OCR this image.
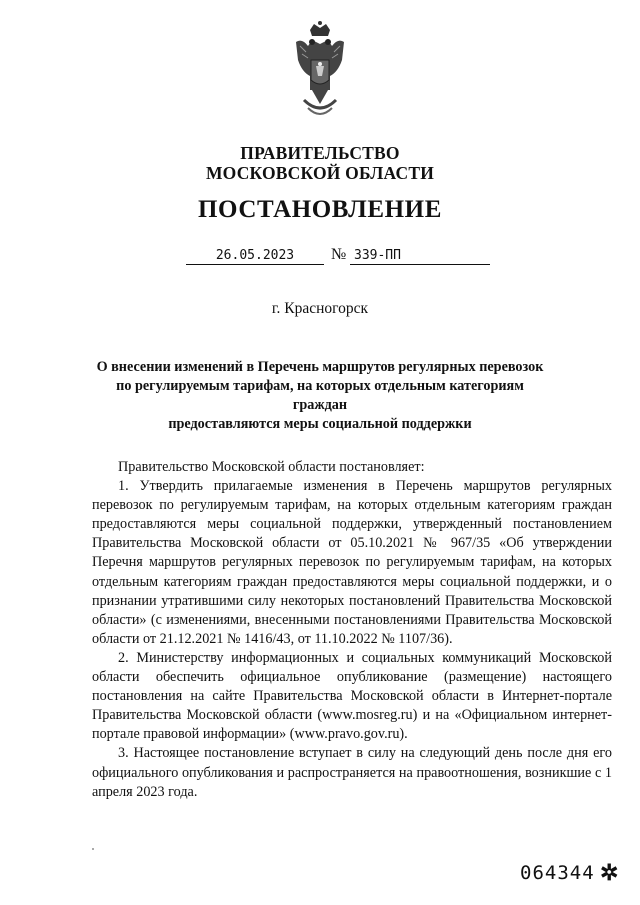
ПРАВИТЕЛЬСТВО
МОСКОВСКОЙ ОБЛАСТИ
ПОСТАНОВЛЕНИЕ
26.05.2023	№ 339-ПП
г. Красногорск
О внесении изменений в Перечень маршрутов регулярных перевозок
по регулируемым тарифам, на которых отдельным категориям граждан
предоставляются меры социальной поддержки

Правительство Московской области постановляет:

1. Утвердить прилагаемые изменения в Перечень маршрутов регулярных перевозок по регулируемым тарифам, на которых отдельным категориям граждан предоставляются меры социальной поддержки, утвержденный постановлением Правительства Московской области от 05.10.2021 № 967/35 «Об утверждении Перечня маршрутов регулярных перевозок по регулируемым тарифам, на которых отдельным категориям граждан предоставляются меры социальной поддержки, и о признании утратившими силу некоторых постановлений Правительства Московской области» (с изменениями, внесенными постановлениями Правительства Московской области от 21.12.2021 № 1416/43, от 11.10.2022 № 1107/36).

2. Министерству информационных и социальных коммуникаций Московской области обеспечить официальное опубликование (размещение) настоящего постановления на сайте Правительства Московской области в Интернет-портале Правительства Московской области (www.mosreg.ru) и на «Официальном интернет-портале правовой информации» (www.pravo.gov.ru).

3. Настоящее постановление вступает в силу на следующий день после дня его официального опубликования и распространяется на правоотношения, возникшие с 1 апреля 2023 года.

064344 ✲
